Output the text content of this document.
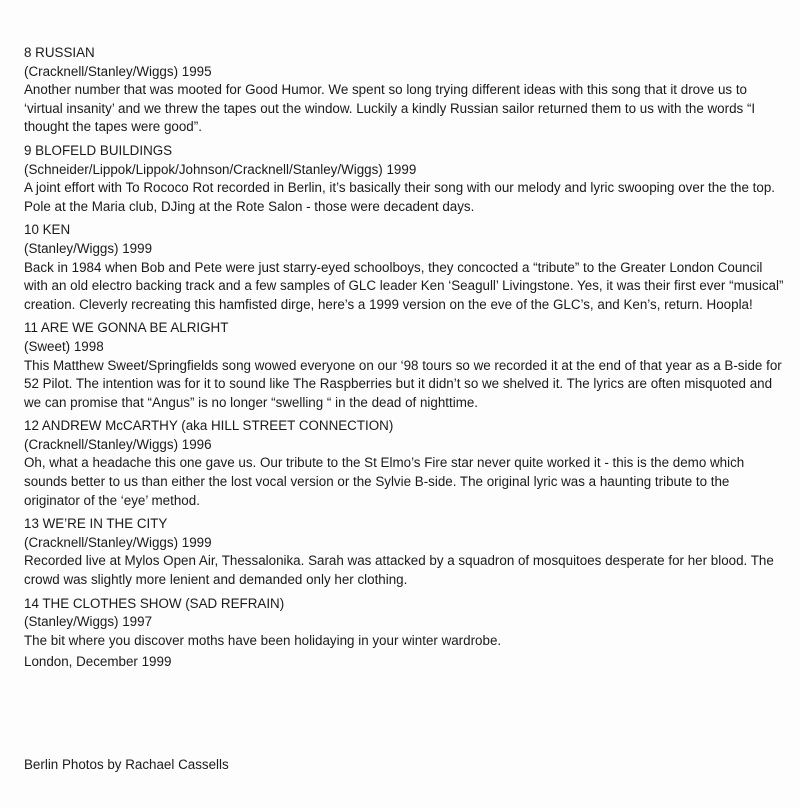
8 RUSSIAN
(Cracknell/Stanley/Wiggs) 1995
Another number that was mooted for Good Humor. We spent so long trying different ideas with this song that it drove us to ‘virtual insanity’ and we threw the tapes out the window. Luckily a kindly Russian sailor returned them to us with the words “I thought the tapes were good”.
9 BLOFELD BUILDINGS
(Schneider/Lippok/Lippok/Johnson/Cracknell/Stanley/Wiggs) 1999
A joint effort with To Rococo Rot recorded in Berlin, it’s basically their song with our melody and lyric swooping over the the top. Pole at the Maria club, DJing at the Rote Salon - those were decadent days.
10 KEN
(Stanley/Wiggs) 1999
Back in 1984 when Bob and Pete were just starry-eyed schoolboys, they concocted a “tribute” to the Greater London Council with an old electro backing track and a few samples of GLC leader Ken ‘Seagull’ Livingstone. Yes, it was their first ever “musical” creation. Cleverly recreating this hamfisted dirge, here’s a 1999 version on the eve of the GLC’s, and Ken’s, return. Hoopla!
11 ARE WE GONNA BE ALRIGHT
(Sweet) 1998
This Matthew Sweet/Springfields song wowed everyone on our ‘98 tours so we recorded it at the end of that year as a B-side for 52 Pilot. The intention was for it to sound like The Raspberries but it didn’t so we shelved it. The lyrics are often misquoted and we can promise that “Angus” is no longer “swelling “ in the dead of nighttime.
12 ANDREW McCARTHY (aka HILL STREET CONNECTION)
(Cracknell/Stanley/Wiggs) 1996
Oh, what a headache this one gave us. Our tribute to the St Elmo’s Fire star never quite worked it - this is the demo which sounds better to us than either the lost vocal version or the Sylvie B-side. The original lyric was a haunting tribute to the originator of the ‘eye’ method.
13 WE’RE IN THE CITY
(Cracknell/Stanley/Wiggs) 1999
Recorded live at Mylos Open Air, Thessalonika. Sarah was attacked by a squadron of mosquitoes desperate for her blood. The crowd was slightly more lenient and demanded only her clothing.
14 THE CLOTHES SHOW (SAD REFRAIN)
(Stanley/Wiggs) 1997
The bit where you discover moths have been holidaying in your winter wardrobe.
London, December 1999
Berlin Photos by Rachael Cassells
